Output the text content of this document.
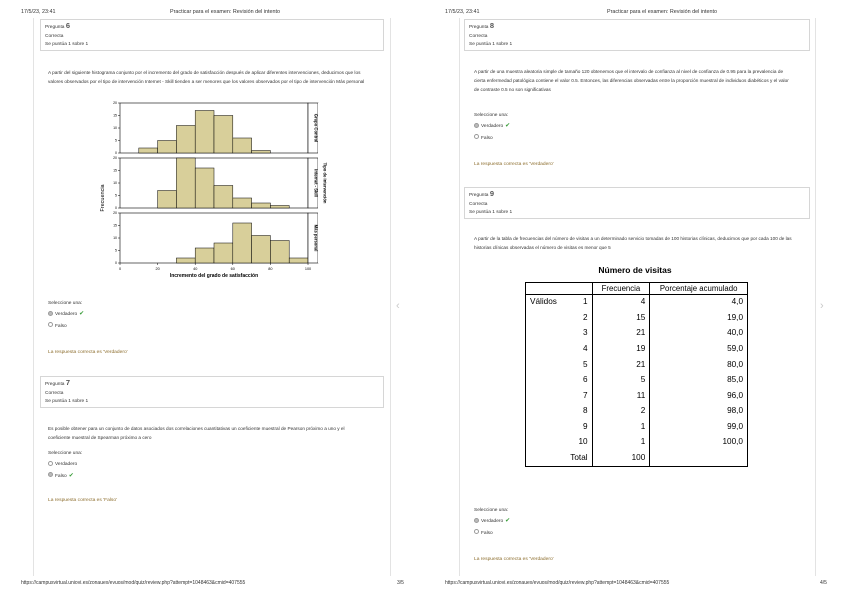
17/5/23, 23:41	Practicar para el examen: Revisión del intento
Pregunta 6
Correcta
Se puntúa 1 sobre 1
A partir del siguiente histograma conjunto por el incremento del grado de satisfacción después de aplicar diferentes intervenciones, deducimos que los valores observados por el tipo de intervención Internet - Skill tienden a ser menores que los valores observados por el tipo de intervención Más personal
0
5
10
15
20
Grupo Control
0
5
10
15
20
Internet - Skill
0
5
10
15
20
Más personal
0	20	40	60	80	100
Tipo de intervención
Frecuencia
Incremento del grado de satisfacción
Seleccione una:
Verdadero ✔
Falso
La respuesta correcta es 'Verdadero'
Pregunta 7
Correcta
Se puntúa 1 sobre 1
Es posible obtener para un conjunto de datos asociados dos correlaciones cuantitativas un coeficiente muestral de Pearson próximo a uno y el coeficiente muestral de Spearman próximo a cero
Seleccione una:
Verdadero
Falso ✔
La respuesta correcta es 'Falso'
‹
https://campusvirtual.uniovi.es/zonauex/evuos/mod/quiz/review.php?attempt=1048463&cmid=407555	3/5
17/5/23, 23:41	Practicar para el examen: Revisión del intento
Pregunta 8
Correcta
Se puntúa 1 sobre 1
A partir de una muestra aleatoria simple de tamaño 120 obtenemos que el intervalo de confianza al nivel de confianza de 0.95 para la prevalencia de cierta enfermedad patológica contiene el valor 0.5. Entonces, las diferencias observadas entre la proporción muestral de individuos diabéticos y el valor de contraste 0.5 no son significativas
Seleccione una:
Verdadero ✔
Falso
La respuesta correcta es 'Verdadero'
Pregunta 9
Correcta
Se puntúa 1 sobre 1
A partir de la tabla de frecuencias del número de visitas a un determinado servicio tomadas de 100 historias clínicas, deducimos que por cada 100 de las historias clínicas observadas el número de visitas es menor que 5
Seleccione una:
Verdadero ✔
Falso
La respuesta correcta es 'Verdadero'
›
https://campusvirtual.uniovi.es/zonauex/evuos/mod/quiz/review.php?attempt=1048463&cmid=407555	4/5
Número de visitas
		Frecuencia	Porcentaje acumulado
Válidos	1	4	4,0
	2	15	19,0
	3	21	40,0
	4	19	59,0
	5	21	80,0
	6	5	85,0
	7	11	96,0
	8	2	98,0
	9	1	99,0
	10	1	100,0
	Total	100	
